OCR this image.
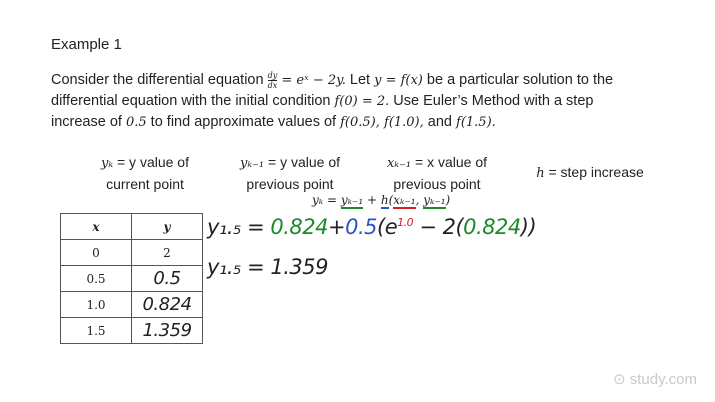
Example 1
Consider the differential equation $\frac{dy}{dx}$ = eˣ − 2y. Let y = f(x) be a particular solution to the differential equation with the initial condition f(0) = 2. Use Euler’s Method with a step increase of 0.5 to find approximate values of f(0.5), f(1.0), and f(1.5).
yₖ = y value of
current point
yₖ₋₁ = y value of
previous point
xₖ₋₁ = x value of
previous point
h = step increase
yₖ = yₖ₋₁ + h(xₖ₋₁, yₖ₋₁)
x	y
0	2
0.5	0.5
1.0	0.824
1.5	1.359
$y_1._5 = 0.824+0.5(e^{1.0} - 2(0.824))$
y₁.₅ = 1.359
⊙ study.com
